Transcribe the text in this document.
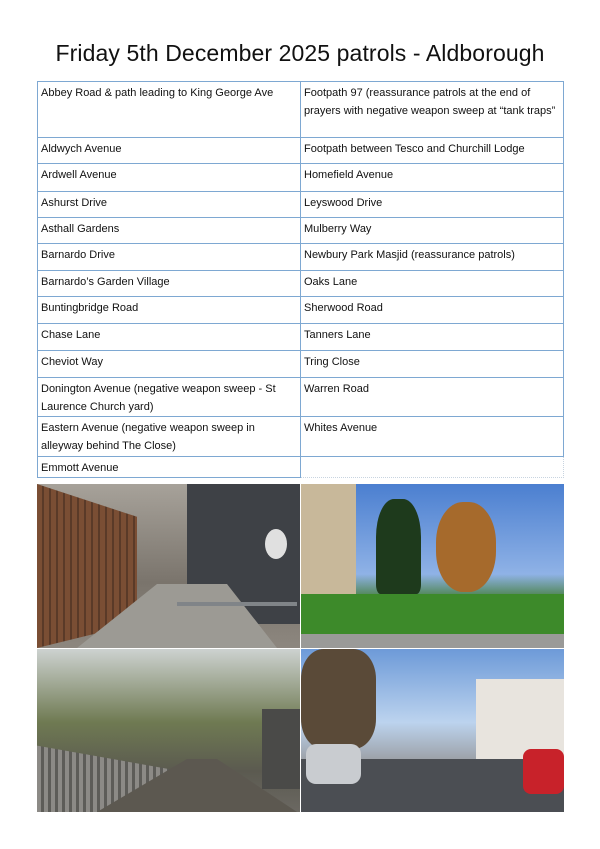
Friday 5th December 2025 patrols - Aldborough
Abbey Road & path leading to King George Ave	Footpath 97 (reassurance patrols at the end of prayers with negative weapon sweep at “tank traps”
Aldwych Avenue	Footpath between Tesco and Churchill Lodge
Ardwell Avenue	Homefield Avenue
Ashurst Drive	Leyswood Drive
Asthall Gardens	Mulberry Way
Barnardo Drive	Newbury Park Masjid (reassurance patrols)
Barnardo’s Garden Village	Oaks Lane
Buntingbridge Road	Sherwood Road
Chase Lane	Tanners Lane
Cheviot Way	Tring Close
Donington Avenue (negative weapon sweep - St Laurence Church yard)	Warren Road
Eastern Avenue (negative weapon sweep in alleyway behind The Close)	Whites Avenue
Emmott Avenue	
